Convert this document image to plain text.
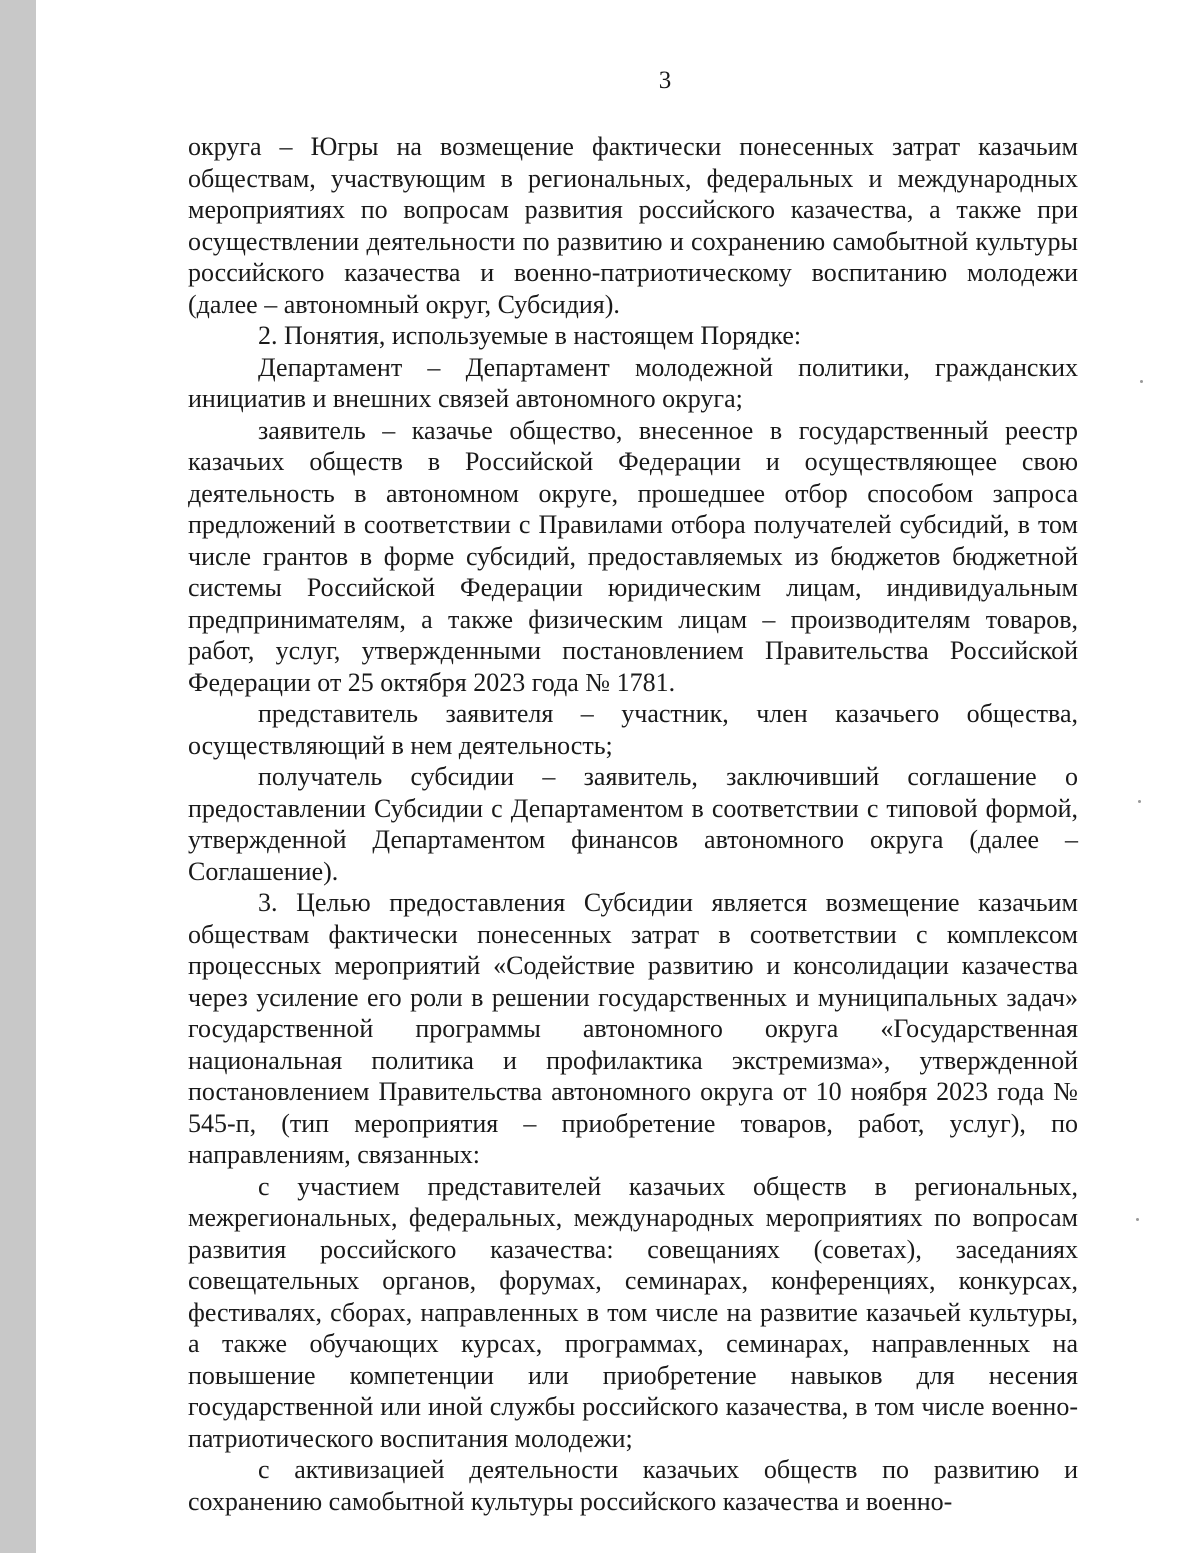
3

округа – Югры на возмещение фактически понесенных затрат казачьим обществам, участвующим в региональных, федеральных и международных мероприятиях по вопросам развития российского казачества, а также при осуществлении деятельности по развитию и сохранению самобытной культуры российского казачества и военно-патриотическому воспитанию молодежи (далее – автономный округ, Субсидия).

2. Понятия, используемые в настоящем Порядке:

Департамент – Департамент молодежной политики, гражданских инициатив и внешних связей автономного округа;

заявитель – казачье общество, внесенное в государственный реестр казачьих обществ в Российской Федерации и осуществляющее свою деятельность в автономном округе, прошедшее отбор способом запроса предложений в соответствии с Правилами отбора получателей субсидий, в том числе грантов в форме субсидий, предоставляемых из бюджетов бюджетной системы Российской Федерации юридическим лицам, индивидуальным предпринимателям, а также физическим лицам – производителям товаров, работ, услуг, утвержденными постановлением Правительства Российской Федерации от 25 октября 2023 года № 1781.

представитель заявителя – участник, член казачьего общества, осуществляющий в нем деятельность;

получатель субсидии – заявитель, заключивший соглашение о предоставлении Субсидии с Департаментом в соответствии с типовой формой, утвержденной Департаментом финансов автономного округа (далее – Соглашение).

3. Целью предоставления Субсидии является возмещение казачьим обществам фактически понесенных затрат в соответствии с комплексом процессных мероприятий «Содействие развитию и консолидации казачества через усиление его роли в решении государственных и муниципальных задач» государственной программы автономного округа «Государственная национальная политика и профилактика экстремизма», утвержденной постановлением Правительства автономного округа от 10 ноября 2023 года № 545-п, (тип мероприятия – приобретение товаров, работ, услуг), по направлениям, связанных:

с участием представителей казачьих обществ в региональных, межрегиональных, федеральных, международных мероприятиях по вопросам развития российского казачества: совещаниях (советах), заседаниях совещательных органов, форумах, семинарах, конференциях, конкурсах, фестивалях, сборах, направленных в том числе на развитие казачьей культуры, а также обучающих курсах, программах, семинарах, направленных на повышение компетенции или приобретение навыков для несения государственной или иной службы российского казачества, в том числе военно-патриотического воспитания молодежи;

с активизацией деятельности казачьих обществ по развитию и сохранению самобытной культуры российского казачества и военно-
